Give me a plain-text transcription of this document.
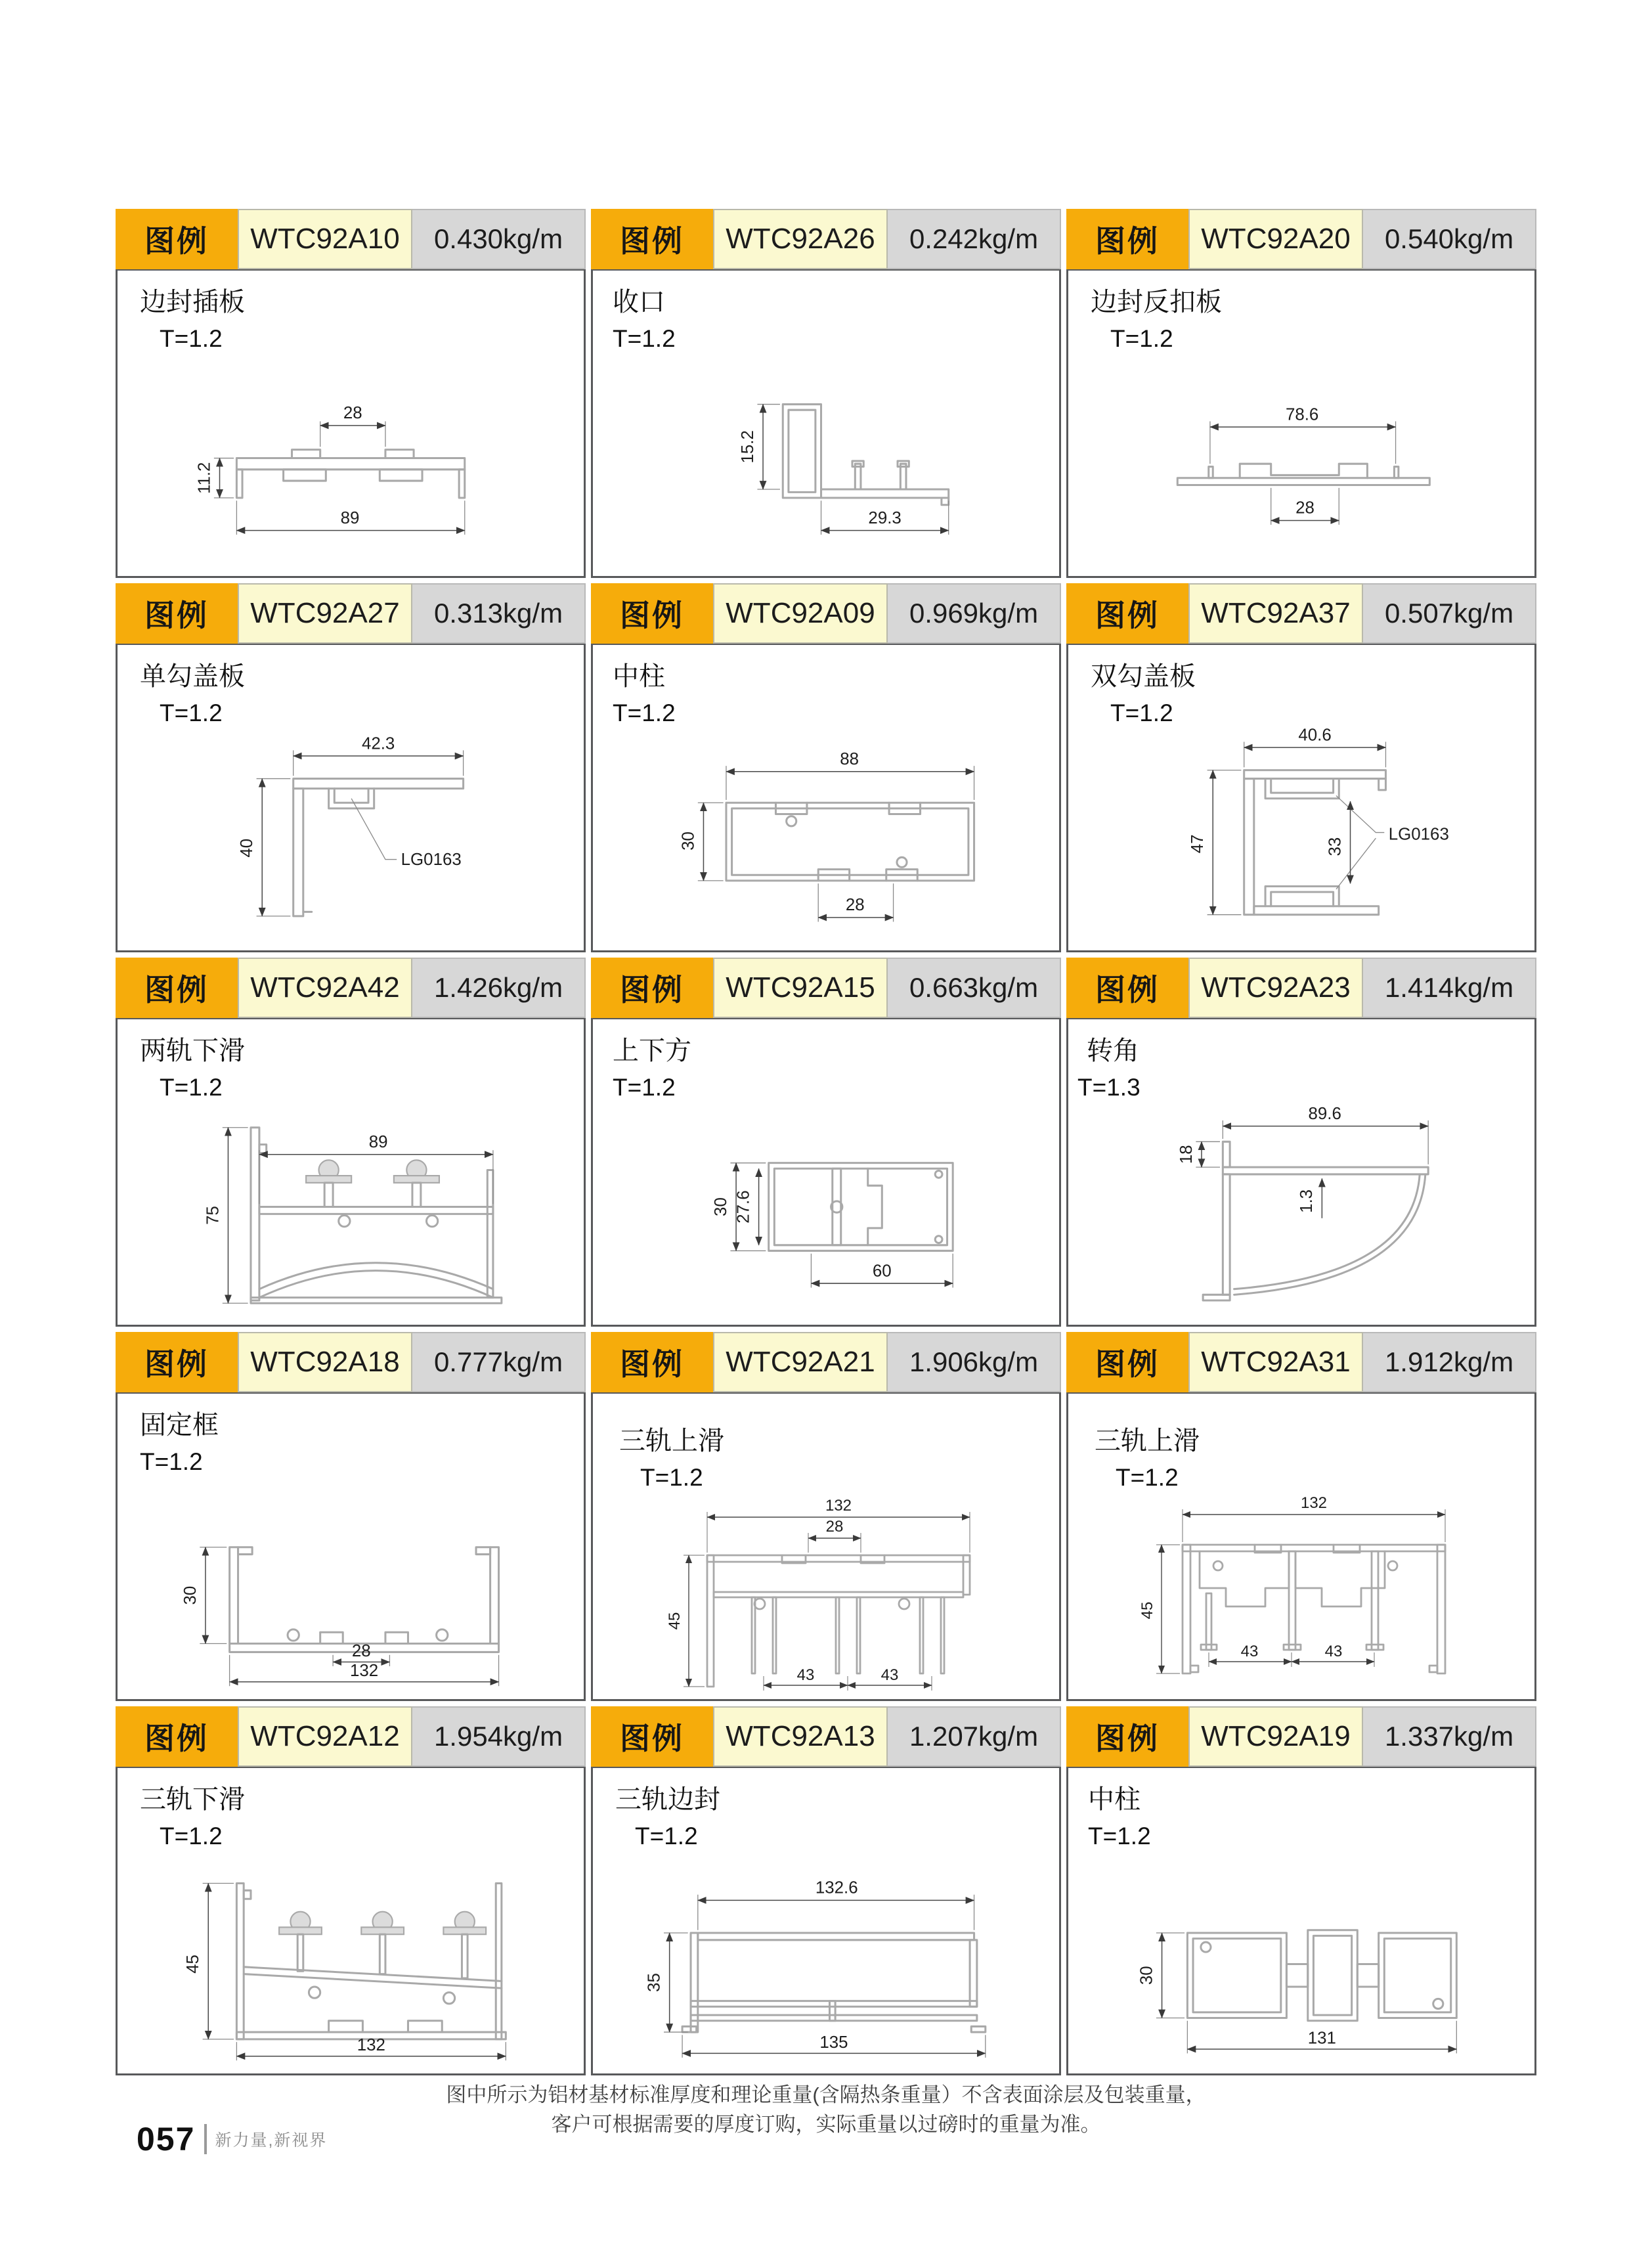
图例	WTC92A10	0.430kg/m
边封插板
T=1.2
28
11.2
89
图例	WTC92A26	0.242kg/m
收口
T=1.2
15.2
29.3
图例	WTC92A20	0.540kg/m
边封反扣板
T=1.2
78.6
28
图例	WTC92A27	0.313kg/m
单勾盖板
T=1.2
LG0163
42.3
40
图例	WTC92A09	0.969kg/m
中柱
T=1.2
88
30
28
图例	WTC92A37	0.507kg/m
双勾盖板
T=1.2
LG0163
40.6
47	33
图例	WTC92A42	1.426kg/m
两轨下滑
T=1.2
89
75
图例	WTC92A15	0.663kg/m
上下方
T=1.2
30 27.6
60
图例	WTC92A23	1.414kg/m
转角
T=1.3
89.6
18
1.3
图例	WTC92A18	0.777kg/m
固定框
T=1.2
30
28
132
图例	WTC92A21	1.906kg/m
三轨上滑
T=1.2
132
28
45
43	43
图例	WTC92A31	1.912kg/m
三轨上滑
T=1.2
132
45
43	43
图例	WTC92A12	1.954kg/m
三轨下滑
T=1.2
45
132
图例	WTC92A13	1.207kg/m
三轨边封
T=1.2
132.6
35
135
图例	WTC92A19	1.337kg/m
中柱
T=1.2
30
131
图中所示为铝材基材标准厚度和理论重量(含隔热条重量）不含表面涂层及包装重量，
客户可根据需要的厚度订购，实际重量以过磅时的重量为准。
057 新力量,新视界
